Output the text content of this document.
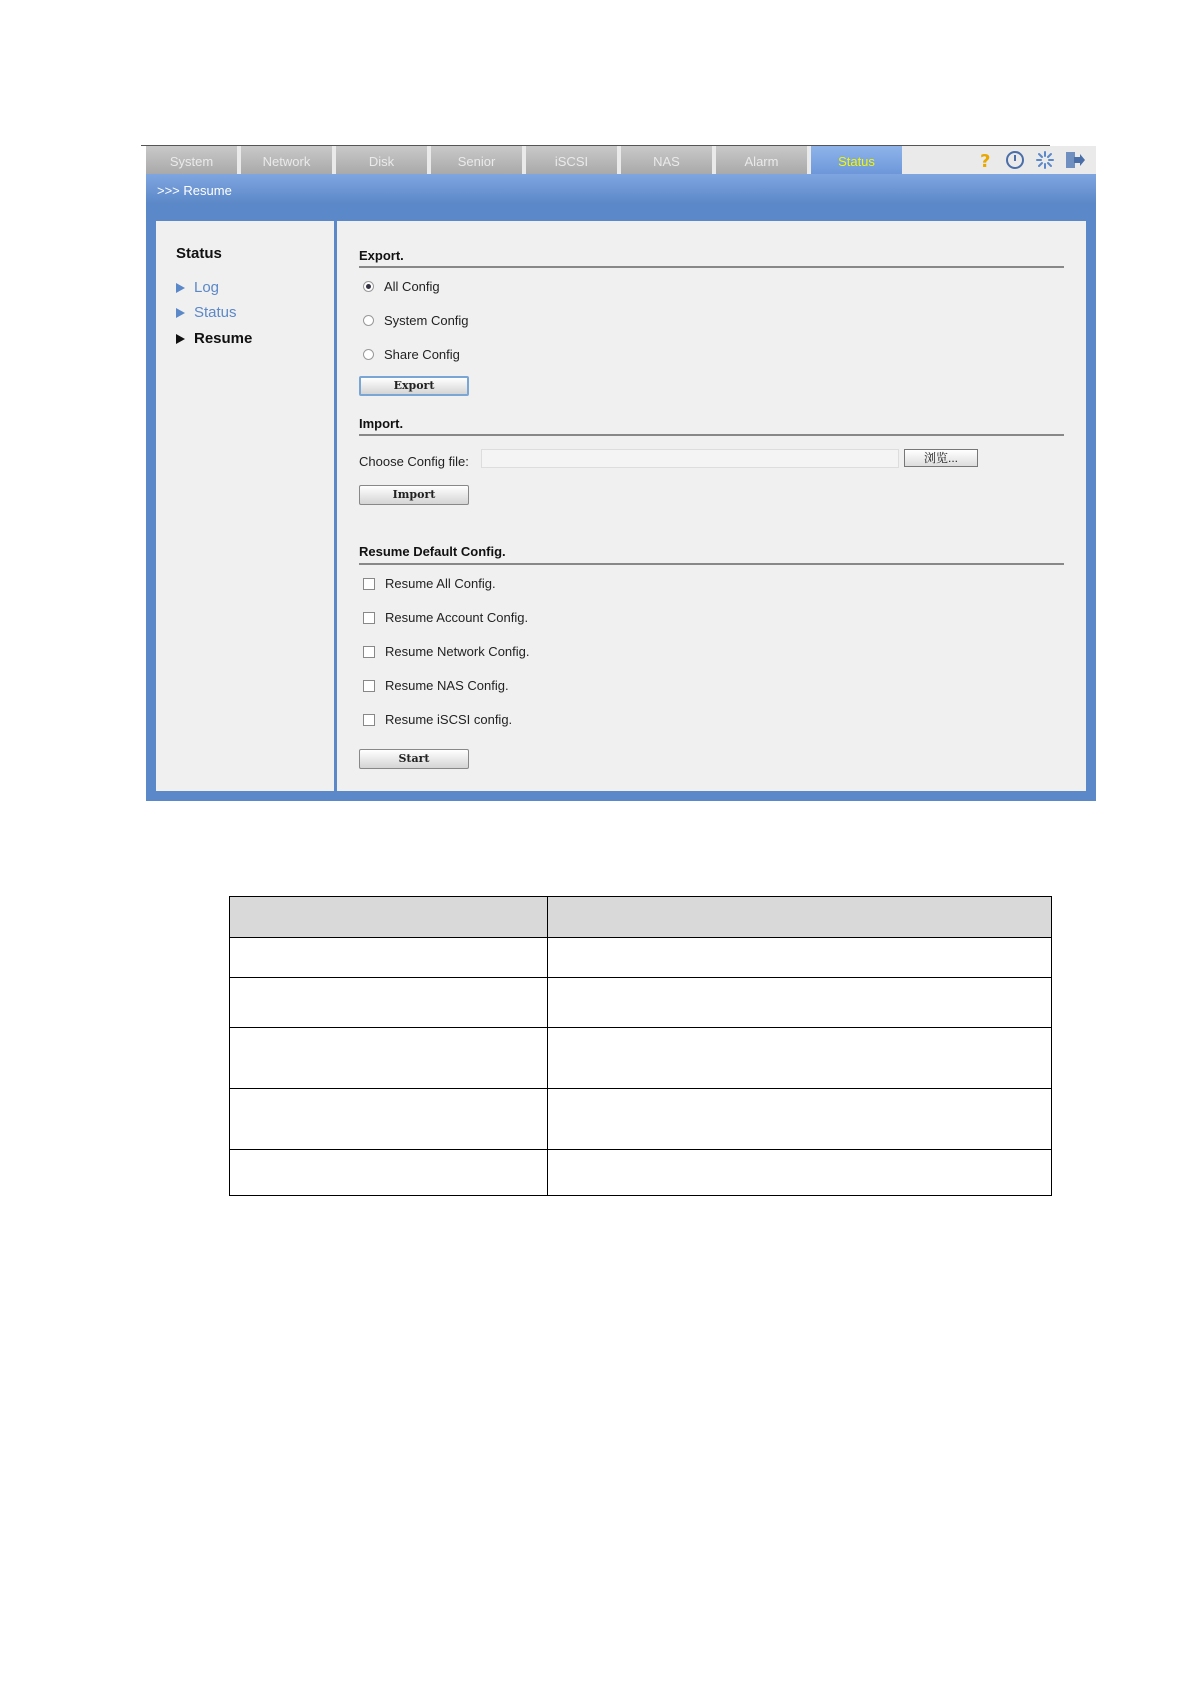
System	Network	Disk	Senior	iSCSI	NAS	Alarm	Status	?
>>> Resume
Status
Log
Status
Resume
Export.
All Config
System Config
Share Config
Export
Import.
Choose Config file:	浏览...
Import
Resume Default Config.
Resume All Config.
Resume Account Config.
Resume Network Config.
Resume NAS Config.
Resume iSCSI config.
Start
